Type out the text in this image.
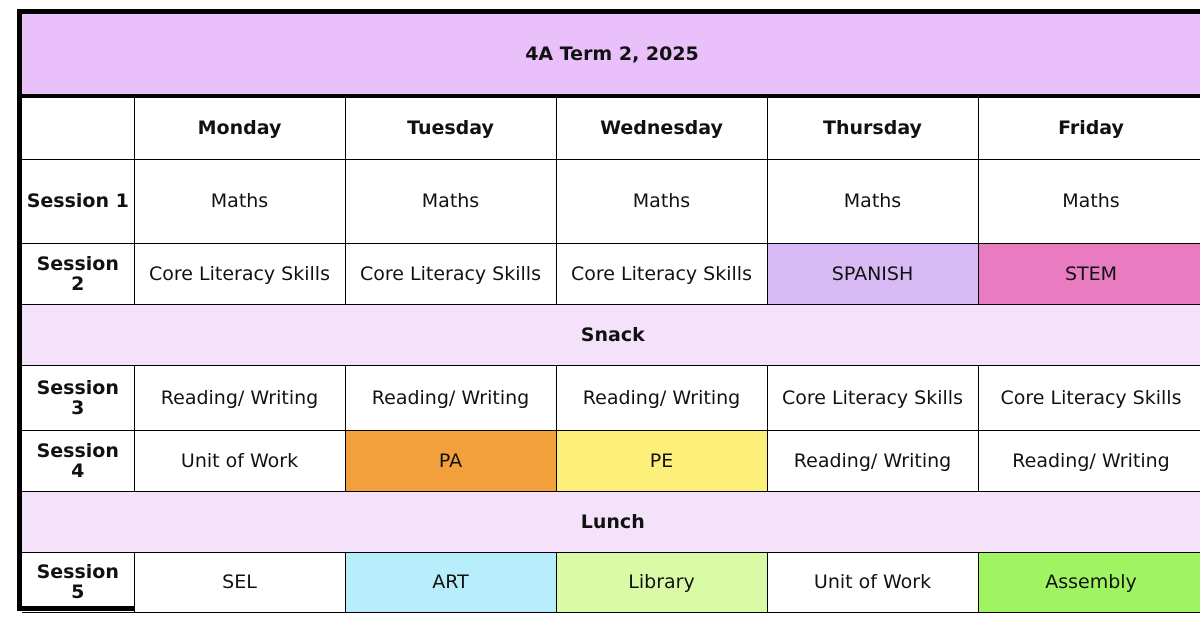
4A Term 2, 2025
	Monday	Tuesday	Wednesday	Thursday	Friday
Session 1	Maths	Maths	Maths	Maths	Maths
Session
2	Core Literacy Skills	Core Literacy Skills	Core Literacy Skills	SPANISH	STEM
Snack					
Session
3	Reading/ Writing	Reading/ Writing	Reading/ Writing	Core Literacy Skills	Core Literacy Skills
Session
4	Unit of Work	PA	PE	Reading/ Writing	Reading/ Writing
Lunch					
Session
5	SEL	ART	Library	Unit of Work	Assembly
